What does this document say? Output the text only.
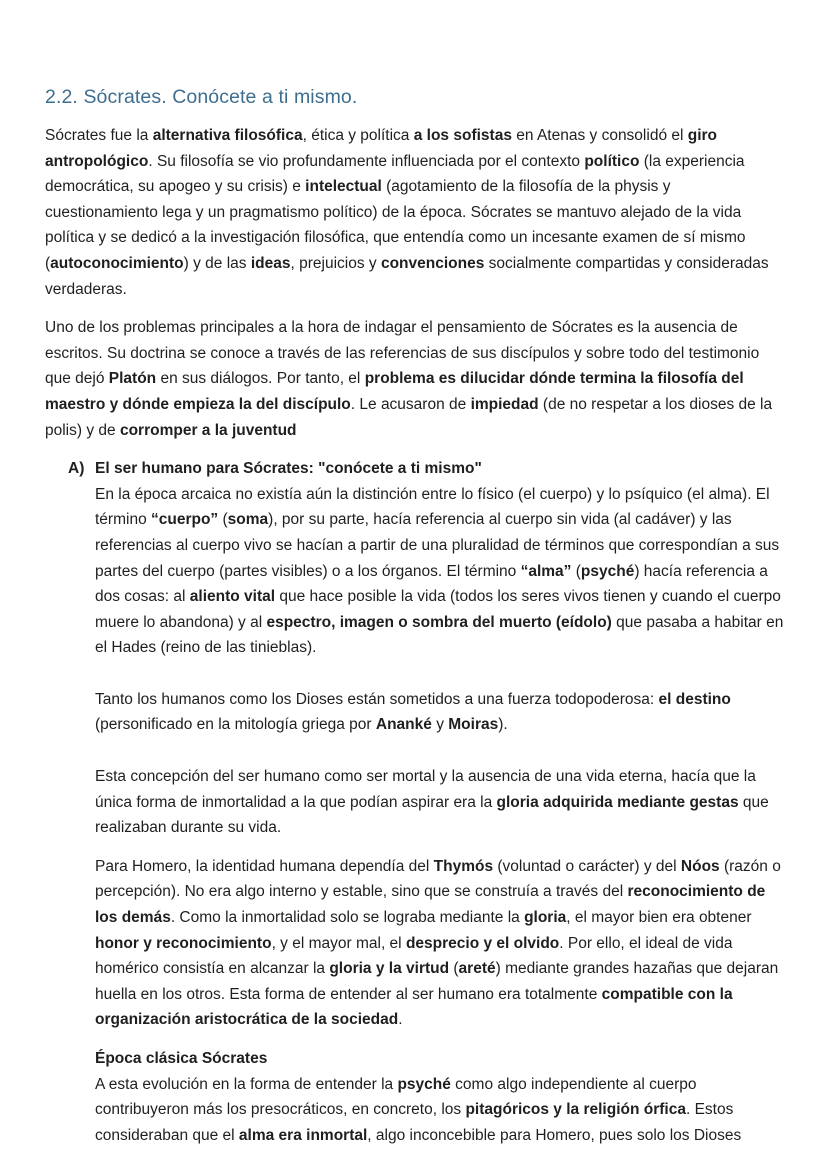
2.2. Sócrates. Conócete a ti mismo.

Sócrates fue la alternativa filosófica, ética y política a los sofistas en Atenas y consolidó el giro antropológico. Su filosofía se vio profundamente influenciada por el contexto político (la experiencia democrática, su apogeo y su crisis) e intelectual (agotamiento de la filosofía de la physis y cuestionamiento lega y un pragmatismo político) de la época. Sócrates se mantuvo alejado de la vida política y se dedicó a la investigación filosófica, que entendía como un incesante examen de sí mismo (autoconocimiento) y de las ideas, prejuicios y convenciones socialmente compartidas y consideradas verdaderas.

Uno de los problemas principales a la hora de indagar el pensamiento de Sócrates es la ausencia de escritos. Su doctrina se conoce a través de las referencias de sus discípulos y sobre todo del testimonio que dejó Platón en sus diálogos. Por tanto, el problema es dilucidar dónde termina la filosofía del maestro y dónde empieza la del discípulo. Le acusaron de impiedad (de no respetar a los dioses de la polis) y de corromper a la juventud

A) El ser humano para Sócrates: "conócete a ti mismo"

En la época arcaica no existía aún la distinción entre lo físico (el cuerpo) y lo psíquico (el alma). El término “cuerpo” (soma), por su parte, hacía referencia al cuerpo sin vida (al cadáver) y las referencias al cuerpo vivo se hacían a partir de una pluralidad de términos que correspondían a sus partes del cuerpo (partes visibles) o a los órganos. El término “alma” (psyché) hacía referencia a dos cosas: al aliento vital que hace posible la vida (todos los seres vivos tienen y cuando el cuerpo muere lo abandona) y al espectro, imagen o sombra del muerto (eídolo) que pasaba a habitar en el Hades (reino de las tinieblas).

Tanto los humanos como los Dioses están sometidos a una fuerza todopoderosa: el destino (personificado en la mitología griega por Ananké y Moiras).

Esta concepción del ser humano como ser mortal y la ausencia de una vida eterna, hacía que la única forma de inmortalidad a la que podían aspirar era la gloria adquirida mediante gestas que realizaban durante su vida.

Para Homero, la identidad humana dependía del Thymós (voluntad o carácter) y del Nóos (razón o percepción). No era algo interno y estable, sino que se construía a través del reconocimiento de los demás. Como la inmortalidad solo se lograba mediante la gloria, el mayor bien era obtener honor y reconocimiento, y el mayor mal, el desprecio y el olvido. Por ello, el ideal de vida homérico consistía en alcanzar la gloria y la virtud (areté) mediante grandes hazañas que dejaran huella en los otros. Esta forma de entender al ser humano era totalmente compatible con la organización aristocrática de la sociedad.

Época clásica Sócrates

A esta evolución en la forma de entender la psyché como algo independiente al cuerpo contribuyeron más los presocráticos, en concreto, los pitagóricos y la religión órfica. Estos consideraban que el alma era inmortal, algo inconcebible para Homero, pues solo los Dioses
